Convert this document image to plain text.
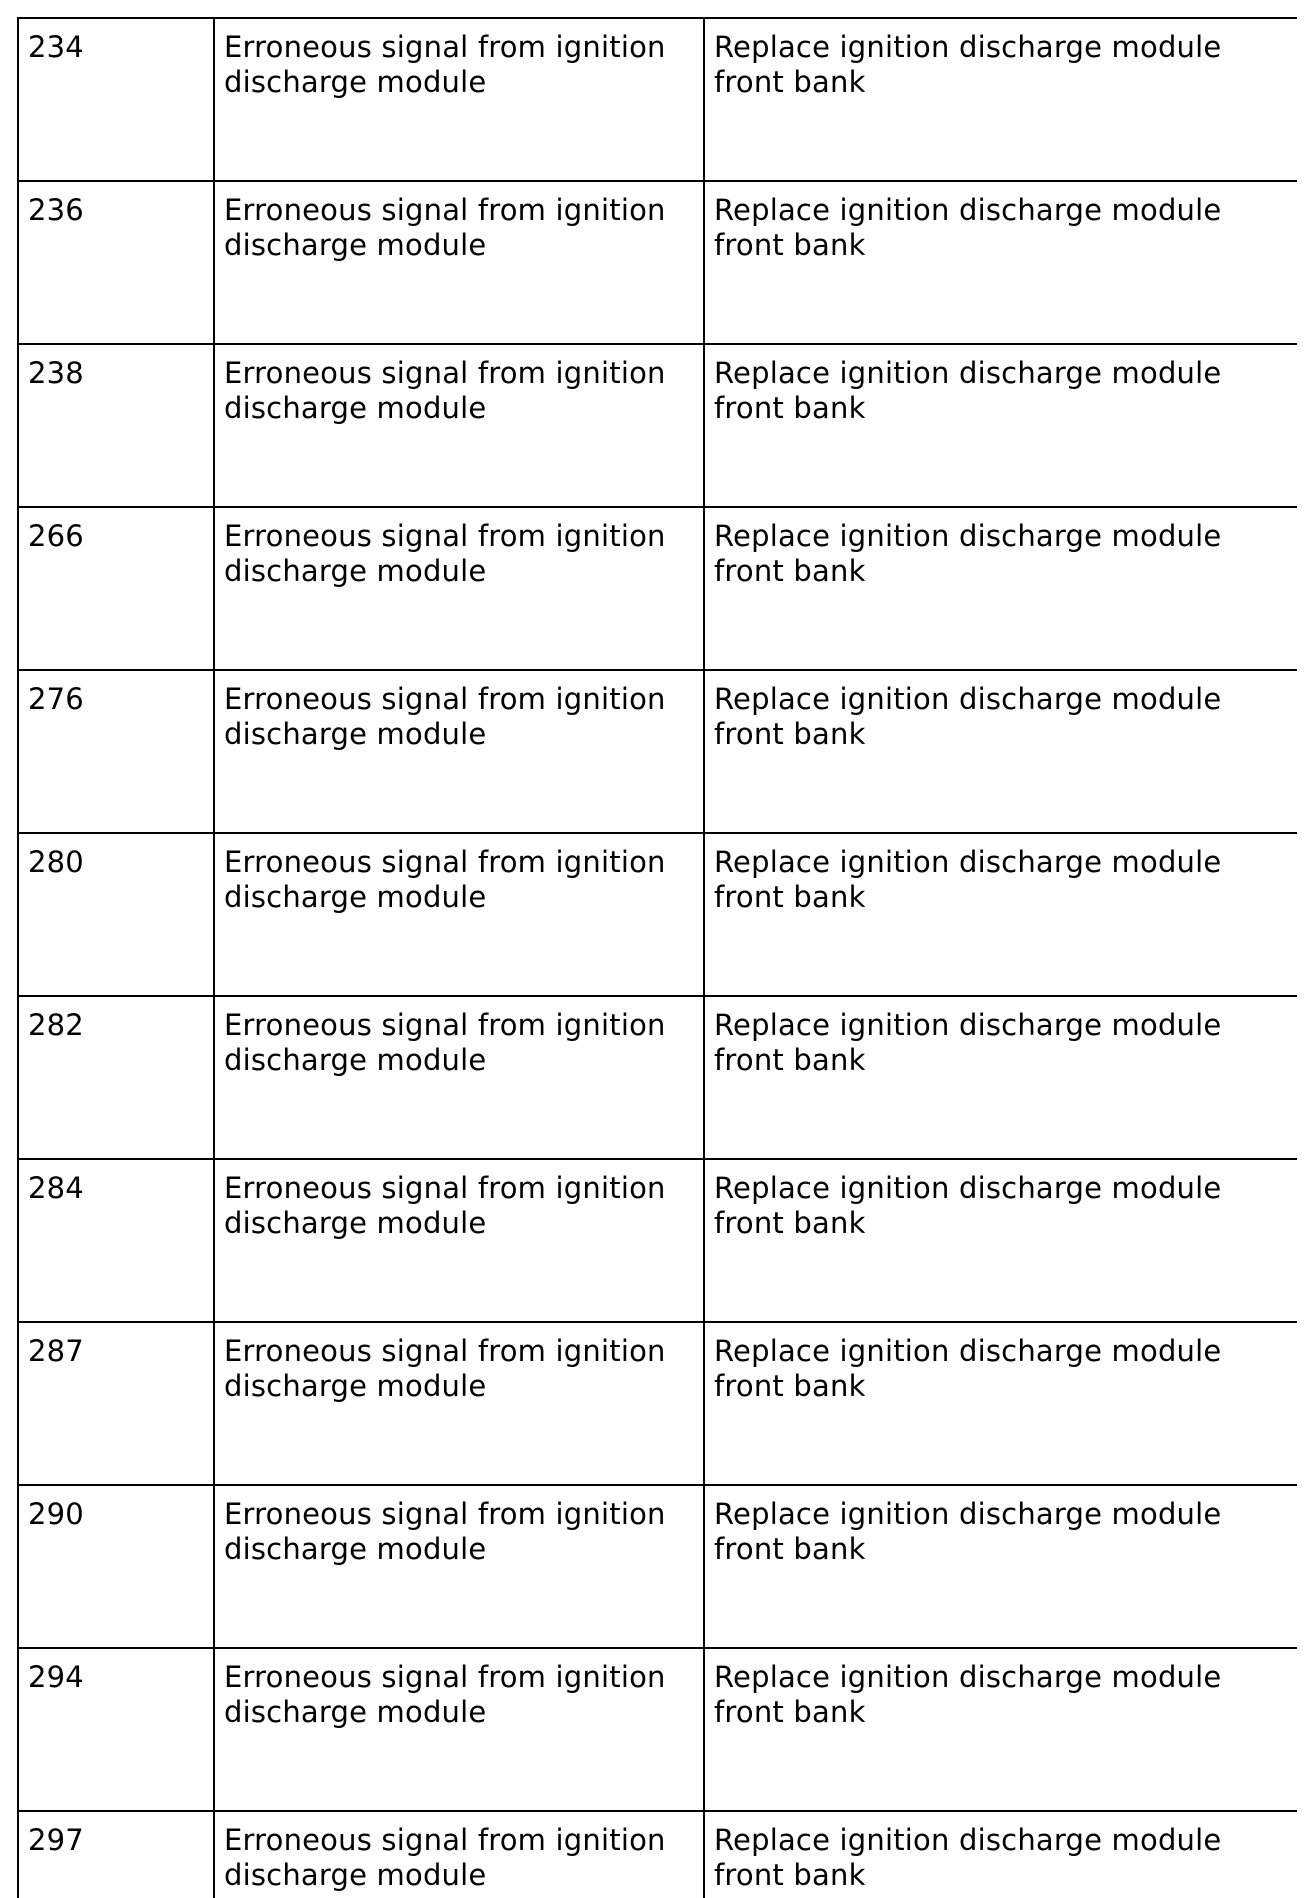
234	Erroneous signal from ignition discharge module	Replace ignition discharge module front bank
236	Erroneous signal from ignition discharge module	Replace ignition discharge module front bank
238	Erroneous signal from ignition discharge module	Replace ignition discharge module front bank
266	Erroneous signal from ignition discharge module	Replace ignition discharge module front bank
276	Erroneous signal from ignition discharge module	Replace ignition discharge module front bank
280	Erroneous signal from ignition discharge module	Replace ignition discharge module front bank
282	Erroneous signal from ignition discharge module	Replace ignition discharge module front bank
284	Erroneous signal from ignition discharge module	Replace ignition discharge module front bank
287	Erroneous signal from ignition discharge module	Replace ignition discharge module front bank
290	Erroneous signal from ignition discharge module	Replace ignition discharge module front bank
294	Erroneous signal from ignition discharge module	Replace ignition discharge module front bank
297	Erroneous signal from ignition discharge module	Replace ignition discharge module front bank
